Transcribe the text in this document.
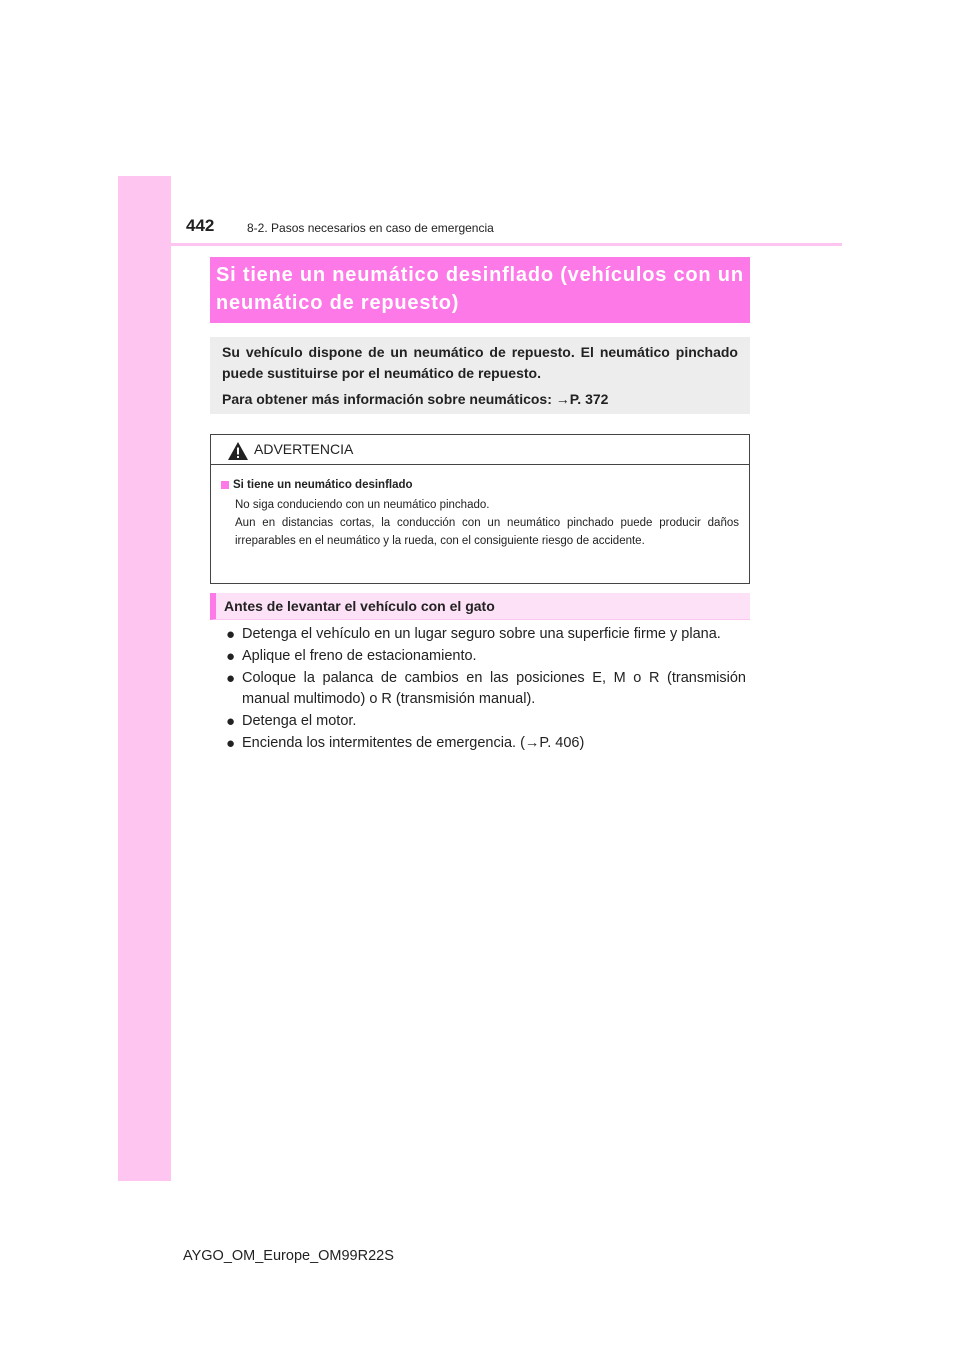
442	8-2. Pasos necesarios en caso de emergencia
Si tiene un neumático desinflado (vehículos con un neumático de repuesto)

Su vehículo dispone de un neumático de repuesto. El neumático pinchado puede sustituirse por el neumático de repuesto.

Para obtener más información sobre neumáticos: →P. 372

ADVERTENCIA
Si tiene un neumático desinflado

No siga conduciendo con un neumático pinchado.

Aun en distancias cortas, la conducción con un neumático pinchado puede producir daños irreparables en el neumático y la rueda, con el consiguiente riesgo de accidente.

Antes de levantar el vehículo con el gato
● Detenga el vehículo en un lugar seguro sobre una superficie firme y plana.
● Aplique el freno de estacionamiento.
● Coloque la palanca de cambios en las posiciones E, M o R (transmisión manual multimodo) o R (transmisión manual).
● Detenga el motor.
● Encienda los intermitentes de emergencia. (→P. 406)
AYGO_OM_Europe_OM99R22S
